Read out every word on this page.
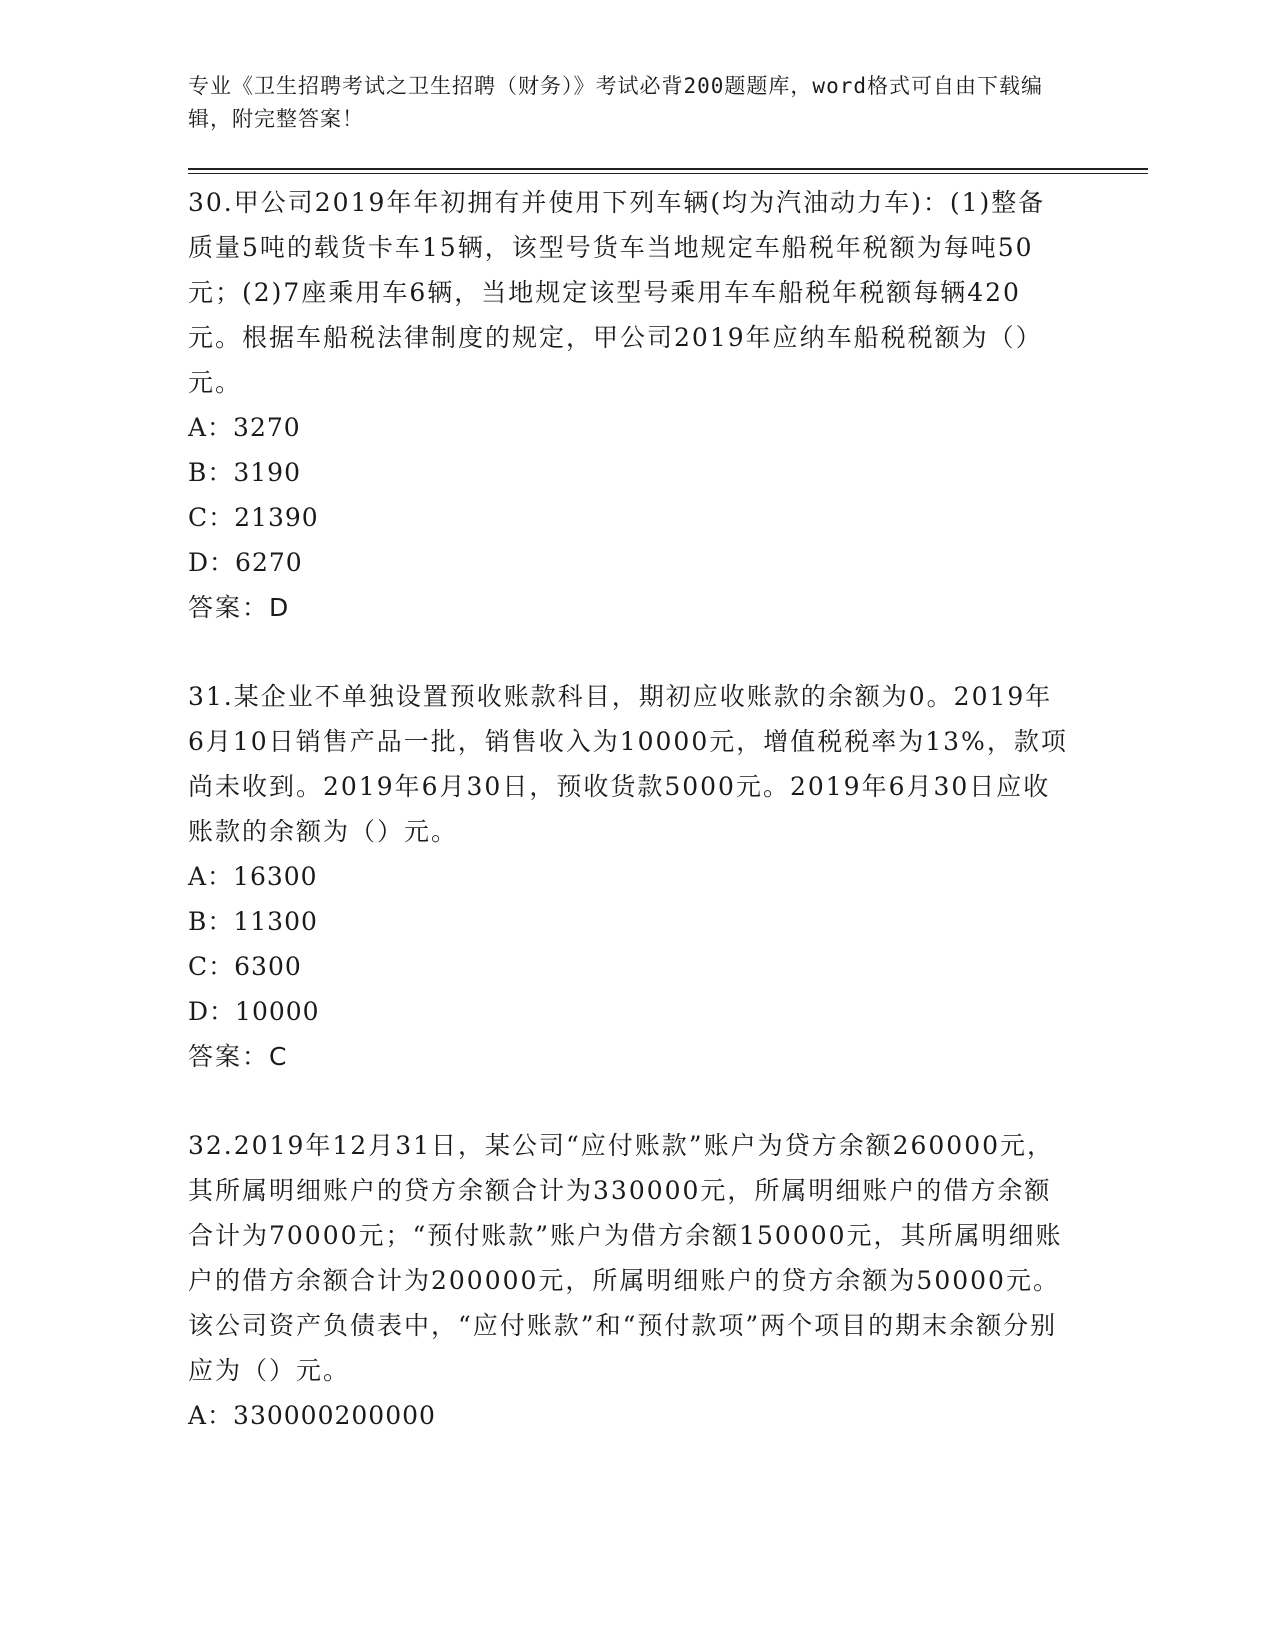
专业《卫生招聘考试之卫生招聘（财务）》考试必背200题题库，word格式可自由下载编辑，附完整答案！

30.甲公司2019年年初拥有并使用下列车辆(均为汽油动力车)：(1)整备质量5吨的载货卡车15辆，该型号货车当地规定车船税年税额为每吨50元；(2)7座乘用车6辆，当地规定该型号乘用车车船税年税额每辆420元。根据车船税法律制度的规定，甲公司2019年应纳车船税税额为（）元。

A：3270

B：3190

C：21390

D：6270

答案：D

31.某企业不单独设置预收账款科目，期初应收账款的余额为0。2019年6月10日销售产品一批，销售收入为10000元，增值税税率为13%，款项尚未收到。2019年6月30日，预收货款5000元。2019年6月30日应收账款的余额为（）元。

A：16300

B：11300

C：6300

D：10000

答案：C

32.2019年12月31日，某公司“应付账款”账户为贷方余额260000元，其所属明细账户的贷方余额合计为330000元，所属明细账户的借方余额合计为70000元；“预付账款”账户为借方余额150000元，其所属明细账户的借方余额合计为200000元，所属明细账户的贷方余额为50000元。该公司资产负债表中，“应付账款”和“预付款项”两个项目的期末余额分别应为（）元。

A：330000200000
